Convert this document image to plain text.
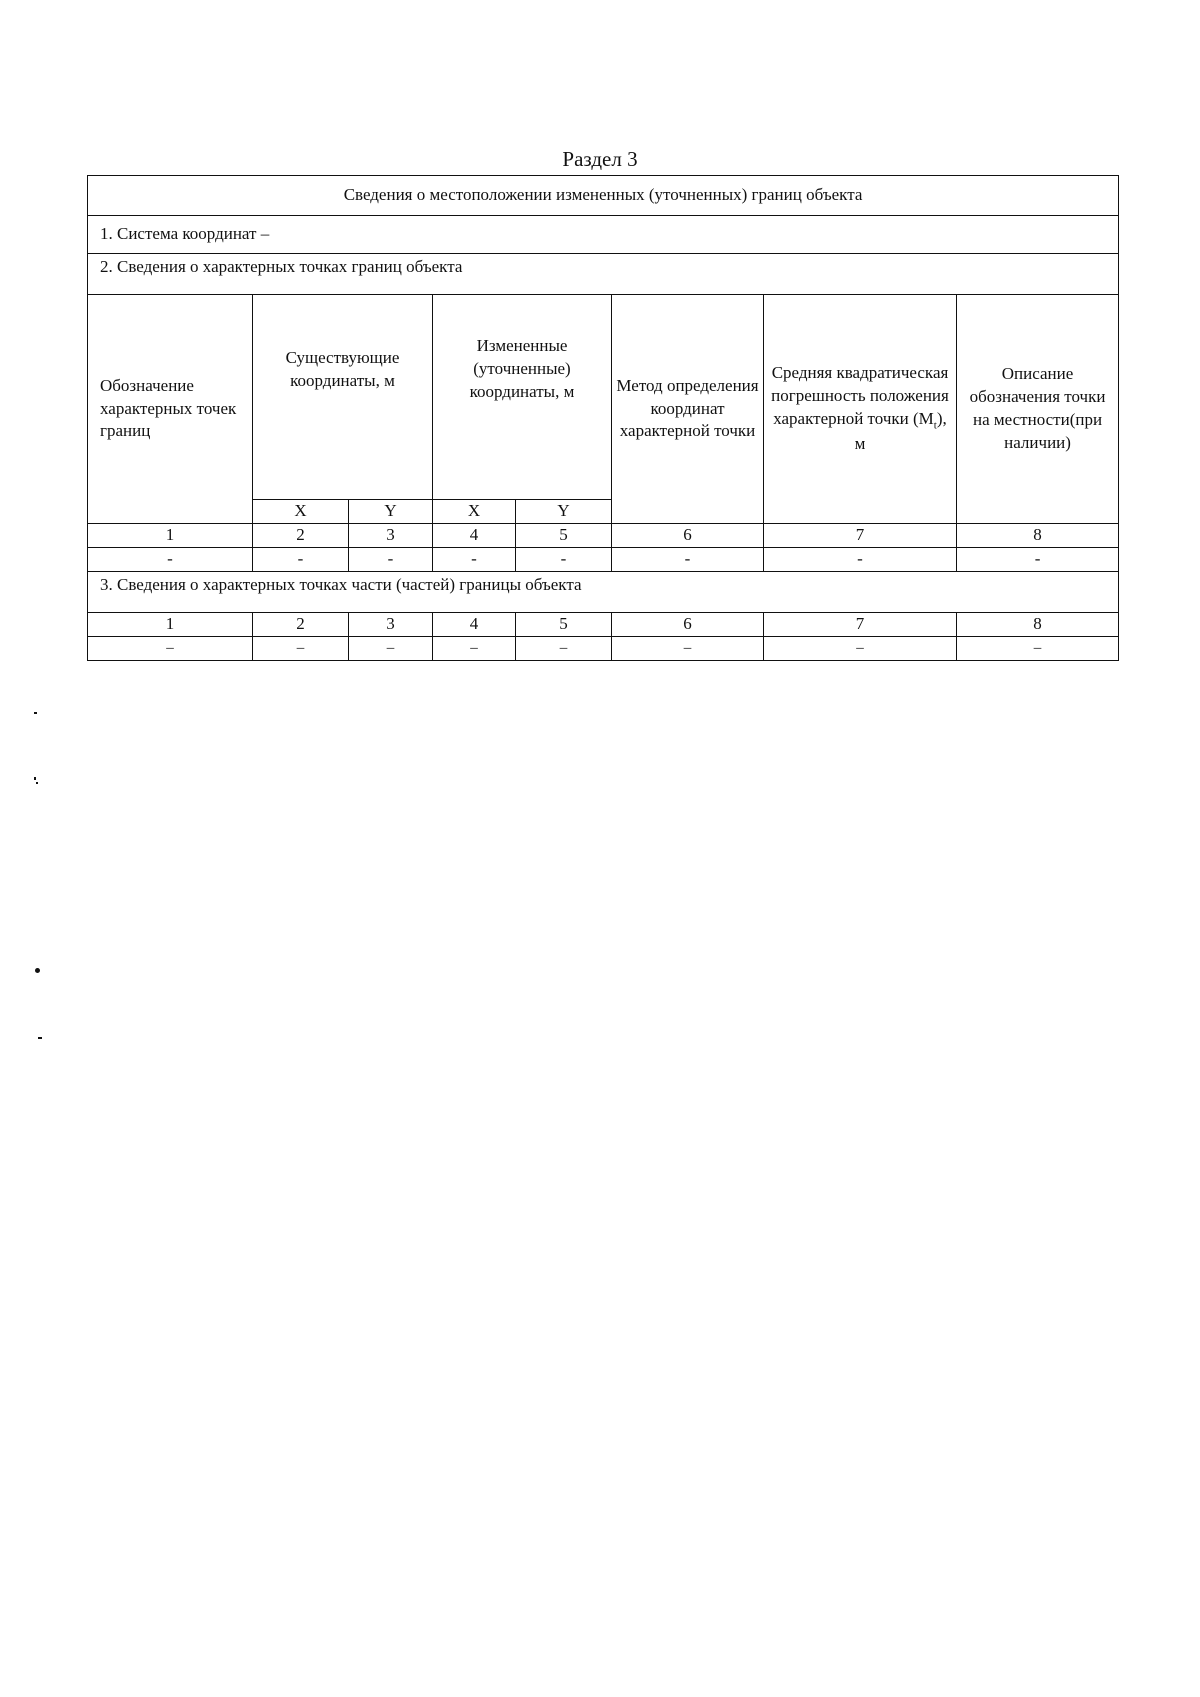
Раздел 3
Сведения о местоположении измененных (уточненных) границ объекта							
1. Система координат –							
2. Сведения о характерных точках границ объекта							
Обозначение характерных точек границ	Существующие координаты, м		Измененные (уточненные) координаты, м		Метод определения координат характерной точки	Средняя квадратическая погрешность положения характерной точки $(M_t)$, м	Описание обозначения точки на местности(при наличии)
	X	Y	X	Y			
1	2	3	4	5	6	7	8
-	-	-	-	-	-	-	-
3. Сведения о характерных точках части (частей) границы объекта							
1	2	3	4	5	6	7	8
–	–	–	–	–	–	–	–
